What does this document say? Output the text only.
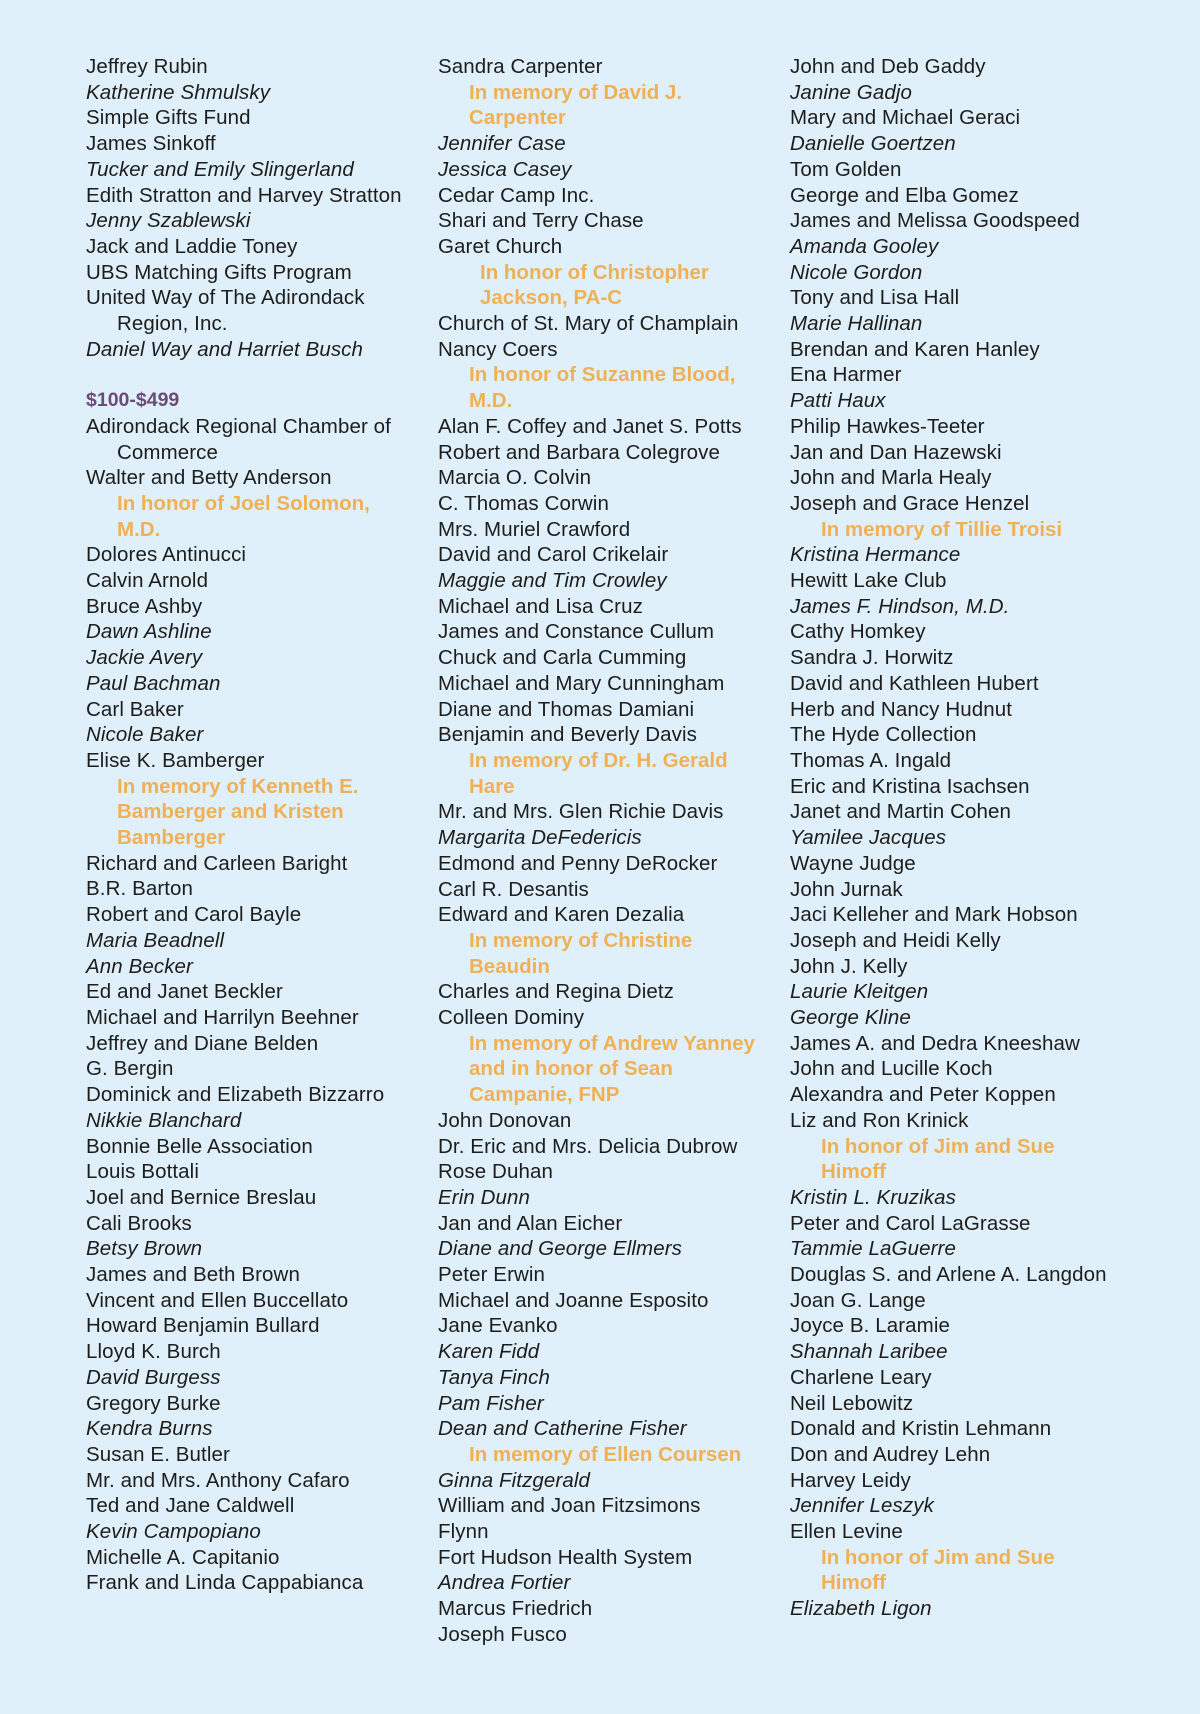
Jeffrey Rubin
Katherine Shmulsky
Simple Gifts Fund
James Sinkoff
Tucker and Emily Slingerland
Edith Stratton and Harvey Stratton
Jenny Szablewski
Jack and Laddie Toney
UBS Matching Gifts Program
United Way of The Adirondack Region, Inc.
Daniel Way and Harriet Busch
$100-$499
Adirondack Regional Chamber of Commerce
Walter and Betty Anderson
In honor of Joel Solomon, M.D.
Dolores Antinucci
Calvin Arnold
Bruce Ashby
Dawn Ashline
Jackie Avery
Paul Bachman
Carl Baker
Nicole Baker
Elise K. Bamberger
In memory of Kenneth E. Bamberger and Kristen Bamberger
Richard and Carleen Baright
B.R. Barton
Robert and Carol Bayle
Maria Beadnell
Ann Becker
Ed and Janet Beckler
Michael and Harrilyn Beehner
Jeffrey and Diane Belden
G. Bergin
Dominick and Elizabeth Bizzarro
Nikkie Blanchard
Bonnie Belle Association
Louis Bottali
Joel and Bernice Breslau
Cali Brooks
Betsy Brown
James and Beth Brown
Vincent and Ellen Buccellato
Howard Benjamin Bullard
Lloyd K. Burch
David Burgess
Gregory Burke
Kendra Burns
Susan E. Butler
Mr. and Mrs. Anthony Cafaro
Ted and Jane Caldwell
Kevin Campopiano
Michelle A. Capitanio
Frank and Linda Cappabianca
Sandra Carpenter
In memory of David J. Carpenter
Jennifer Case
Jessica Casey
Cedar Camp Inc.
Shari and Terry Chase
Garet Church
In honor of Christopher Jackson, PA-C
Church of St. Mary of Champlain
Nancy Coers
In honor of Suzanne Blood, M.D.
Alan F. Coffey and Janet S. Potts
Robert and Barbara Colegrove
Marcia O. Colvin
C. Thomas Corwin
Mrs. Muriel Crawford
David and Carol Crikelair
Maggie and Tim Crowley
Michael and Lisa Cruz
James and Constance Cullum
Chuck and Carla Cumming
Michael and Mary Cunningham
Diane and Thomas Damiani
Benjamin and Beverly Davis
In memory of Dr. H. Gerald Hare
Mr. and Mrs. Glen Richie Davis
Margarita DeFedericis
Edmond and Penny DeRocker
Carl R. Desantis
Edward and Karen Dezalia
In memory of Christine Beaudin
Charles and Regina Dietz
Colleen Dominy
In memory of Andrew Yanney and in honor of Sean Campanie, FNP
John Donovan
Dr. Eric and Mrs. Delicia Dubrow
Rose Duhan
Erin Dunn
Jan and Alan Eicher
Diane and George Ellmers
Peter Erwin
Michael and Joanne Esposito
Jane Evanko
Karen Fidd
Tanya Finch
Pam Fisher
Dean and Catherine Fisher
In memory of Ellen Coursen
Ginna Fitzgerald
William and Joan Fitzsimons
Flynn
Fort Hudson Health System
Andrea Fortier
Marcus Friedrich
Joseph Fusco
John and Deb Gaddy
Janine Gadjo
Mary and Michael Geraci
Danielle Goertzen
Tom Golden
George and Elba Gomez
James and Melissa Goodspeed
Amanda Gooley
Nicole Gordon
Tony and Lisa Hall
Marie Hallinan
Brendan and Karen Hanley
Ena Harmer
Patti Haux
Philip Hawkes-Teeter
Jan and Dan Hazewski
John and Marla Healy
Joseph and Grace Henzel
In memory of Tillie Troisi
Kristina Hermance
Hewitt Lake Club
James F. Hindson, M.D.
Cathy Homkey
Sandra J. Horwitz
David and Kathleen Hubert
Herb and Nancy Hudnut
The Hyde Collection
Thomas A. Ingald
Eric and Kristina Isachsen
Janet and Martin Cohen
Yamilee Jacques
Wayne Judge
John Jurnak
Jaci Kelleher and Mark Hobson
Joseph and Heidi Kelly
John J. Kelly
Laurie Kleitgen
George Kline
James A. and Dedra Kneeshaw
John and Lucille Koch
Alexandra and Peter Koppen
Liz and Ron Krinick
In honor of Jim and Sue Himoff
Kristin L. Kruzikas
Peter and Carol LaGrasse
Tammie LaGuerre
Douglas S. and Arlene A. Langdon
Joan G. Lange
Joyce B. Laramie
Shannah Laribee
Charlene Leary
Neil Lebowitz
Donald and Kristin Lehmann
Don and Audrey Lehn
Harvey Leidy
Jennifer Leszyk
Ellen Levine
In honor of Jim and Sue Himoff
Elizabeth Ligon
